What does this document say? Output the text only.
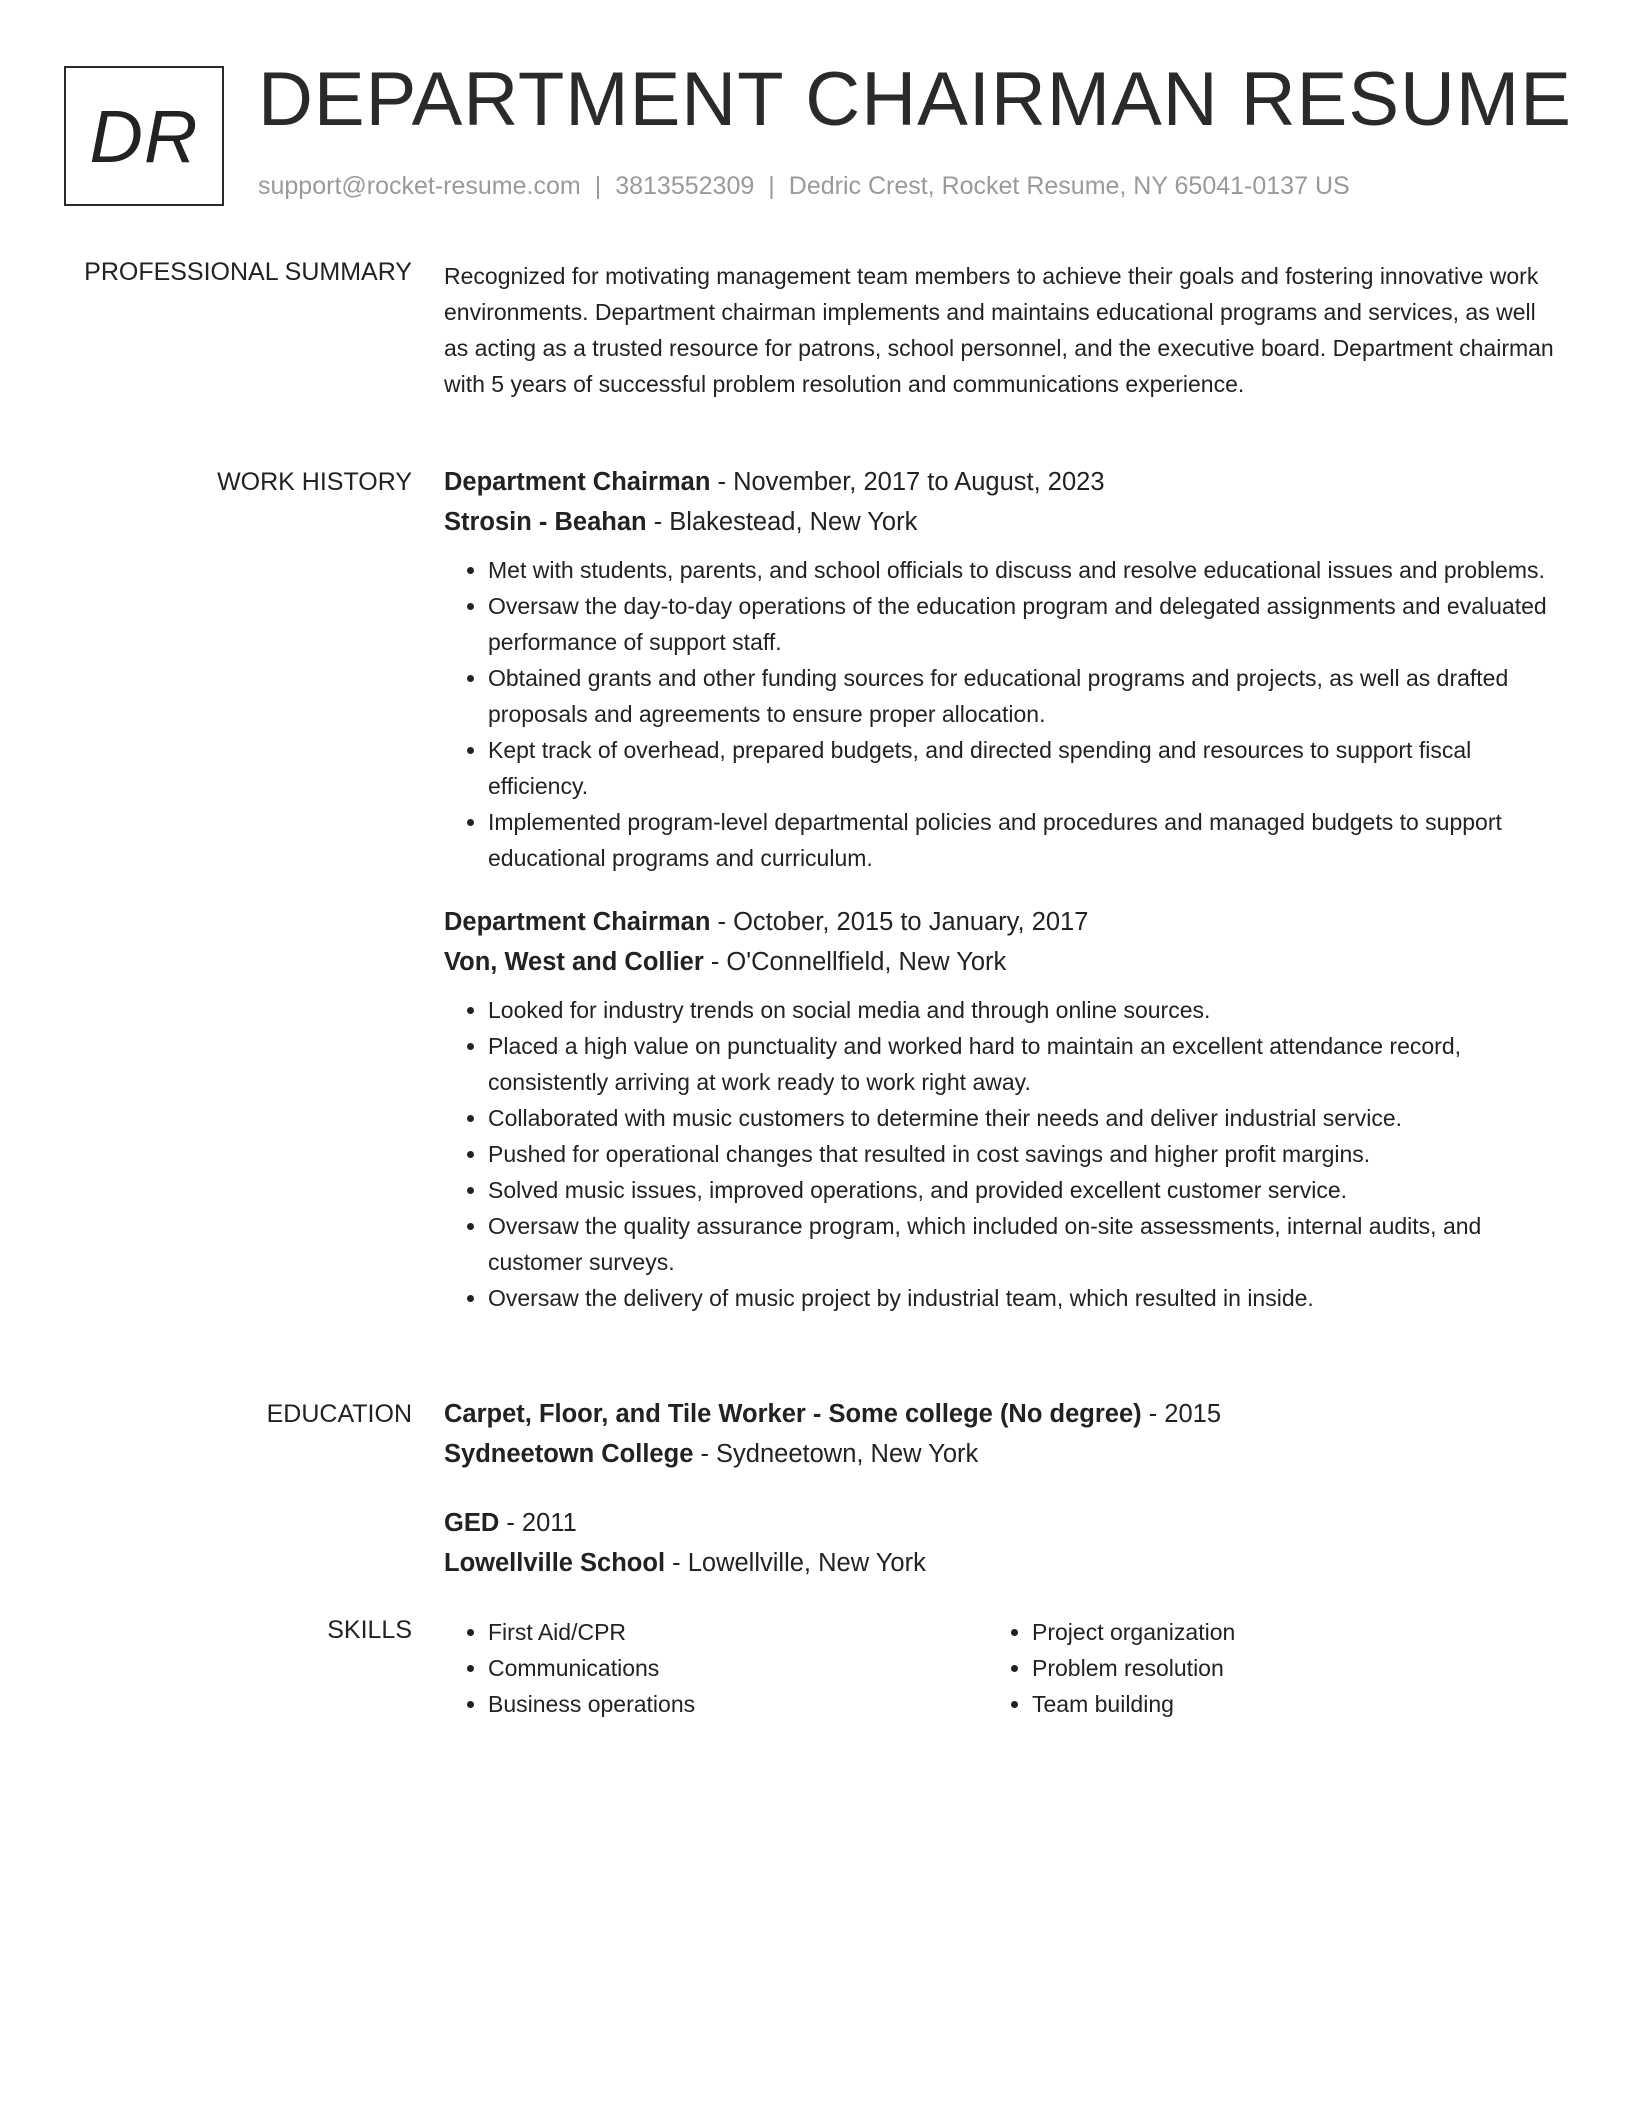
DR DEPARTMENT CHAIRMAN RESUME
support@rocket-resume.com | 3813552309 | Dedric Crest, Rocket Resume, NY 65041-0137 US
PROFESSIONAL SUMMARY Recognized for motivating management team members to achieve their goals and fostering innovative work environments. Department chairman implements and maintains educational programs and services, as well as acting as a trusted resource for patrons, school personnel, and the executive board. Department chairman with 5 years of successful problem resolution and communications experience.

WORK HISTORY Department Chairman - November, 2017 to August, 2023
Strosin - Beahan - Blakestead, New York
• Met with students, parents, and school officials to discuss and resolve educational issues and problems.
• Oversaw the day-to-day operations of the education program and delegated assignments and evaluated performance of support staff.
• Obtained grants and other funding sources for educational programs and projects, as well as drafted proposals and agreements to ensure proper allocation.
• Kept track of overhead, prepared budgets, and directed spending and resources to support fiscal efficiency.
• Implemented program-level departmental policies and procedures and managed budgets to support educational programs and curriculum.
Department Chairman - October, 2015 to January, 2017
Von, West and Collier - O'Connellfield, New York
• Looked for industry trends on social media and through online sources.
• Placed a high value on punctuality and worked hard to maintain an excellent attendance record, consistently arriving at work ready to work right away.
• Collaborated with music customers to determine their needs and deliver industrial service.
• Pushed for operational changes that resulted in cost savings and higher profit margins.
• Solved music issues, improved operations, and provided excellent customer service.
• Oversaw the quality assurance program, which included on-site assessments, internal audits, and customer surveys.
• Oversaw the delivery of music project by industrial team, which resulted in inside.
EDUCATION Carpet, Floor, and Tile Worker - Some college (No degree) - 2015
Sydneetown College - Sydneetown, New York
GED - 2011
Lowellville School - Lowellville, New York
SKILLS
•	First Aid/CPR
• Communications
• Business operations
• Project organization
• Problem resolution
• Team building
